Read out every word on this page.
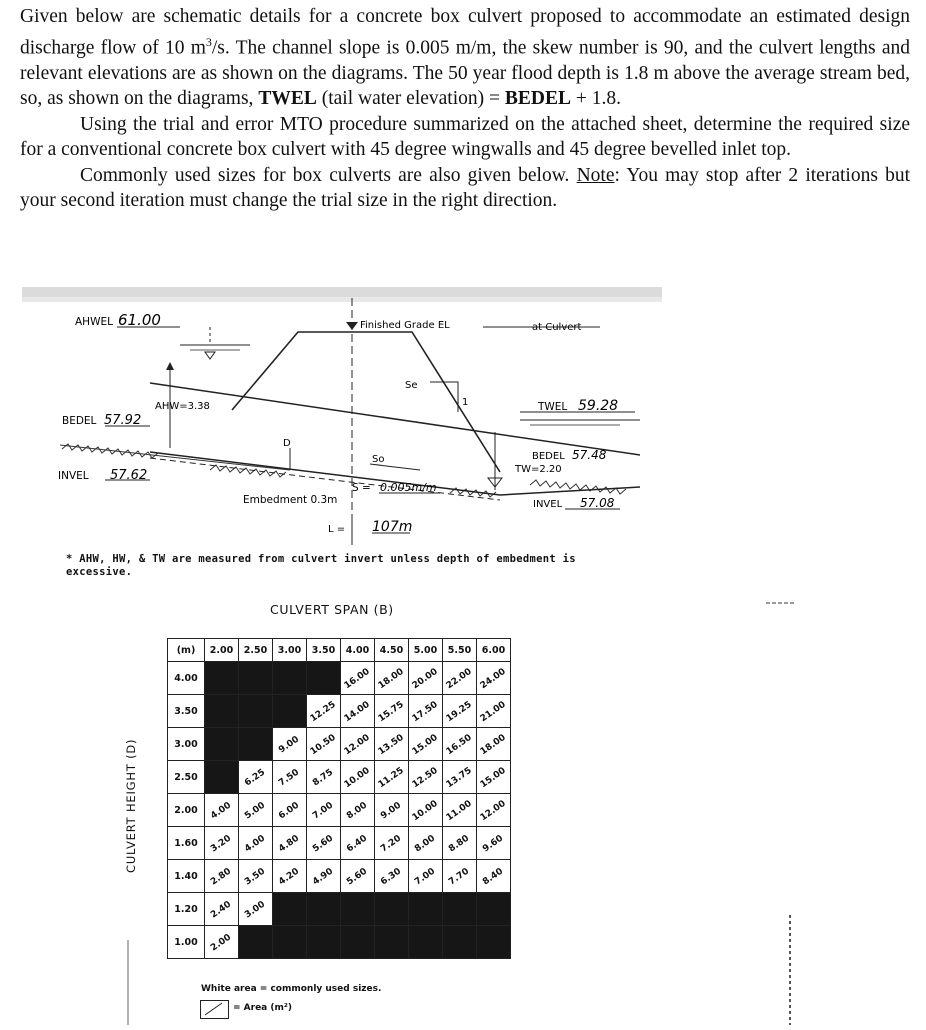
Given below are schematic details for a concrete box culvert proposed to accommodate an estimated design discharge flow of 10 $m^3/s$. The channel slope is 0.005 m/m, the skew number is 90, and the culvert lengths and relevant elevations are as shown on the diagrams. The 50 year flood depth is 1.8 m above the average stream bed, so, as shown on the diagrams, TWEL (tail water elevation) = BEDEL + 1.8.

Using the trial and error MTO procedure summarized on the attached sheet, determine the required size for a conventional concrete box culvert with 45 degree wingwalls and 45 degree bevelled inlet top.

Commonly used sizes for box culverts are also given below. Note: You may stop after 2 iterations but your second iteration must change the trial size in the right direction.

AHWEL 61.00
AHW=3.38
BEDEL 57.92
INVEL 57.62
Finished Grade EL	at Culvert
TWEL 59.28
BEDEL 57.48
TW=2.20
INVEL 57.08
D
So
Se
1
Embedment 0.3m
S = 0.005m/m
L = 107m
* AHW, HW, & TW are measured from culvert invert unless depth of embedment is
excessive.
CULVERT SPAN (B)
CULVERT HEIGHT (D)
(m)	2.00	2.50	3.00	3.50	4.00	4.50	5.00	5.50	6.00
4.00					16.00	18.00	20.00	22.00	24.00
3.50				12.25	14.00	15.75	17.50	19.25	21.00
3.00			9.00	10.50	12.00	13.50	15.00	16.50	18.00
2.50		6.25	7.50	8.75	10.00	11.25	12.50	13.75	15.00
2.00	4.00	5.00	6.00	7.00	8.00	9.00	10.00	11.00	12.00
1.60	3.20	4.00	4.80	5.60	6.40	7.20	8.00	8.80	9.60
1.40	2.80	3.50	4.20	4.90	5.60	6.30	7.00	7.70	8.40
1.20	2.40	3.00							
1.00	2.00								
White area = commonly used sizes.
= Area (m²)
